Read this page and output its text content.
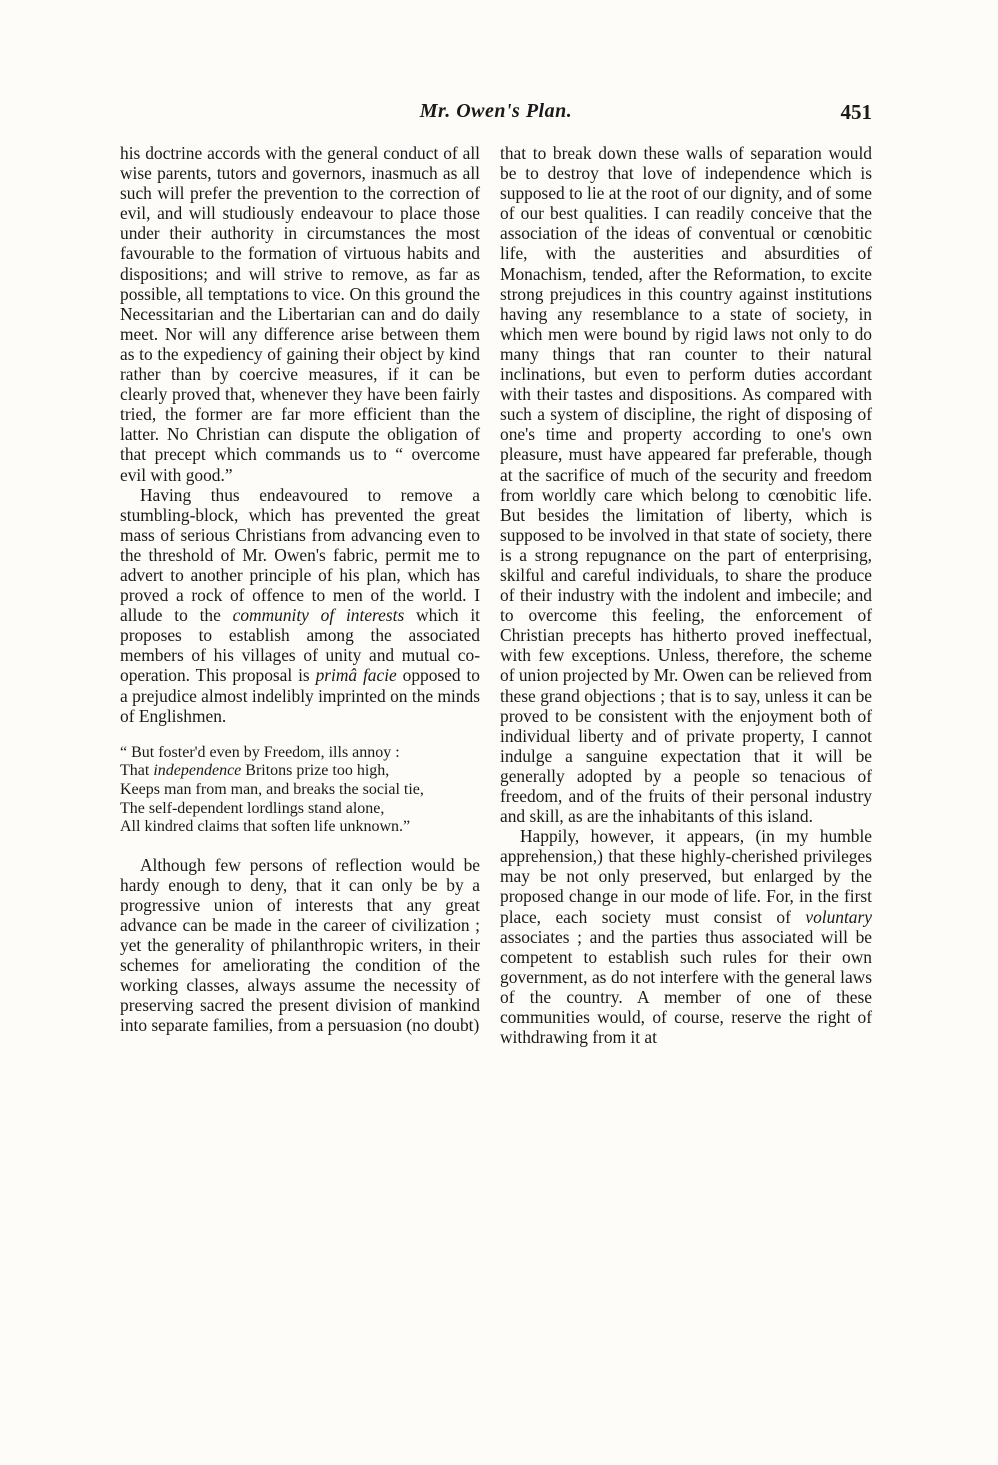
Mr. Owen's Plan.	451

his doctrine accords with the general conduct of all wise parents, tutors and governors, inasmuch as all such will prefer the prevention to the correction of evil, and will studiously endeavour to place those under their authority in circumstances the most favourable to the formation of virtuous habits and dispositions; and will strive to remove, as far as possible, all temptations to vice. On this ground the Necessitarian and the Libertarian can and do daily meet. Nor will any difference arise between them as to the expediency of gaining their object by kind rather than by coercive measures, if it can be clearly proved that, whenever they have been fairly tried, the former are far more efficient than the latter. No Christian can dispute the obligation of that precept which commands us to “ overcome evil with good.”

Having thus endeavoured to remove a stumbling-block, which has prevented the great mass of serious Christians from advancing even to the threshold of Mr. Owen's fabric, permit me to advert to another principle of his plan, which has proved a rock of offence to men of the world. I allude to the community of interests which it proposes to establish among the associated members of his villages of unity and mutual co-operation. This proposal is primâ facie opposed to a prejudice almost indelibly imprinted on the minds of Englishmen.

“ But foster'd even by Freedom, ills annoy :

That independence Britons prize too high,

Keeps man from man, and breaks the social tie,

The self-dependent lordlings stand alone,

All kindred claims that soften life unknown.”

Although few persons of reflection would be hardy enough to deny, that it can only be by a progressive union of interests that any great advance can be made in the career of civilization ; yet the generality of philanthropic writers, in their schemes for ameliorating the condition of the working classes, always assume the necessity of preserving sacred the present division of mankind into separate families, from a persuasion (no doubt)

that to break down these walls of separation would be to destroy that love of independence which is supposed to lie at the root of our dignity, and of some of our best qualities. I can readily conceive that the association of the ideas of conventual or cœnobitic life, with the austerities and absurdities of Monachism, tended, after the Reformation, to excite strong prejudices in this country against institutions having any resemblance to a state of society, in which men were bound by rigid laws not only to do many things that ran counter to their natural inclinations, but even to perform duties accordant with their tastes and dispositions. As compared with such a system of discipline, the right of disposing of one's time and property according to one's own pleasure, must have appeared far preferable, though at the sacrifice of much of the security and freedom from worldly care which belong to cœnobitic life. But besides the limitation of liberty, which is supposed to be involved in that state of society, there is a strong repugnance on the part of enterprising, skilful and careful individuals, to share the produce of their industry with the indolent and imbecile; and to overcome this feeling, the enforcement of Christian precepts has hitherto proved ineffectual, with few exceptions. Unless, therefore, the scheme of union projected by Mr. Owen can be relieved from these grand objections ; that is to say, unless it can be proved to be consistent with the enjoyment both of individual liberty and of private property, I cannot indulge a sanguine expectation that it will be generally adopted by a people so tenacious of freedom, and of the fruits of their personal industry and skill, as are the inhabitants of this island.

Happily, however, it appears, (in my humble apprehension,) that these highly-cherished privileges may be not only preserved, but enlarged by the proposed change in our mode of life. For, in the first place, each society must consist of voluntary associates ; and the parties thus associated will be competent to establish such rules for their own government, as do not interfere with the general laws of the country. A member of one of these communities would, of course, reserve the right of withdrawing from it at
